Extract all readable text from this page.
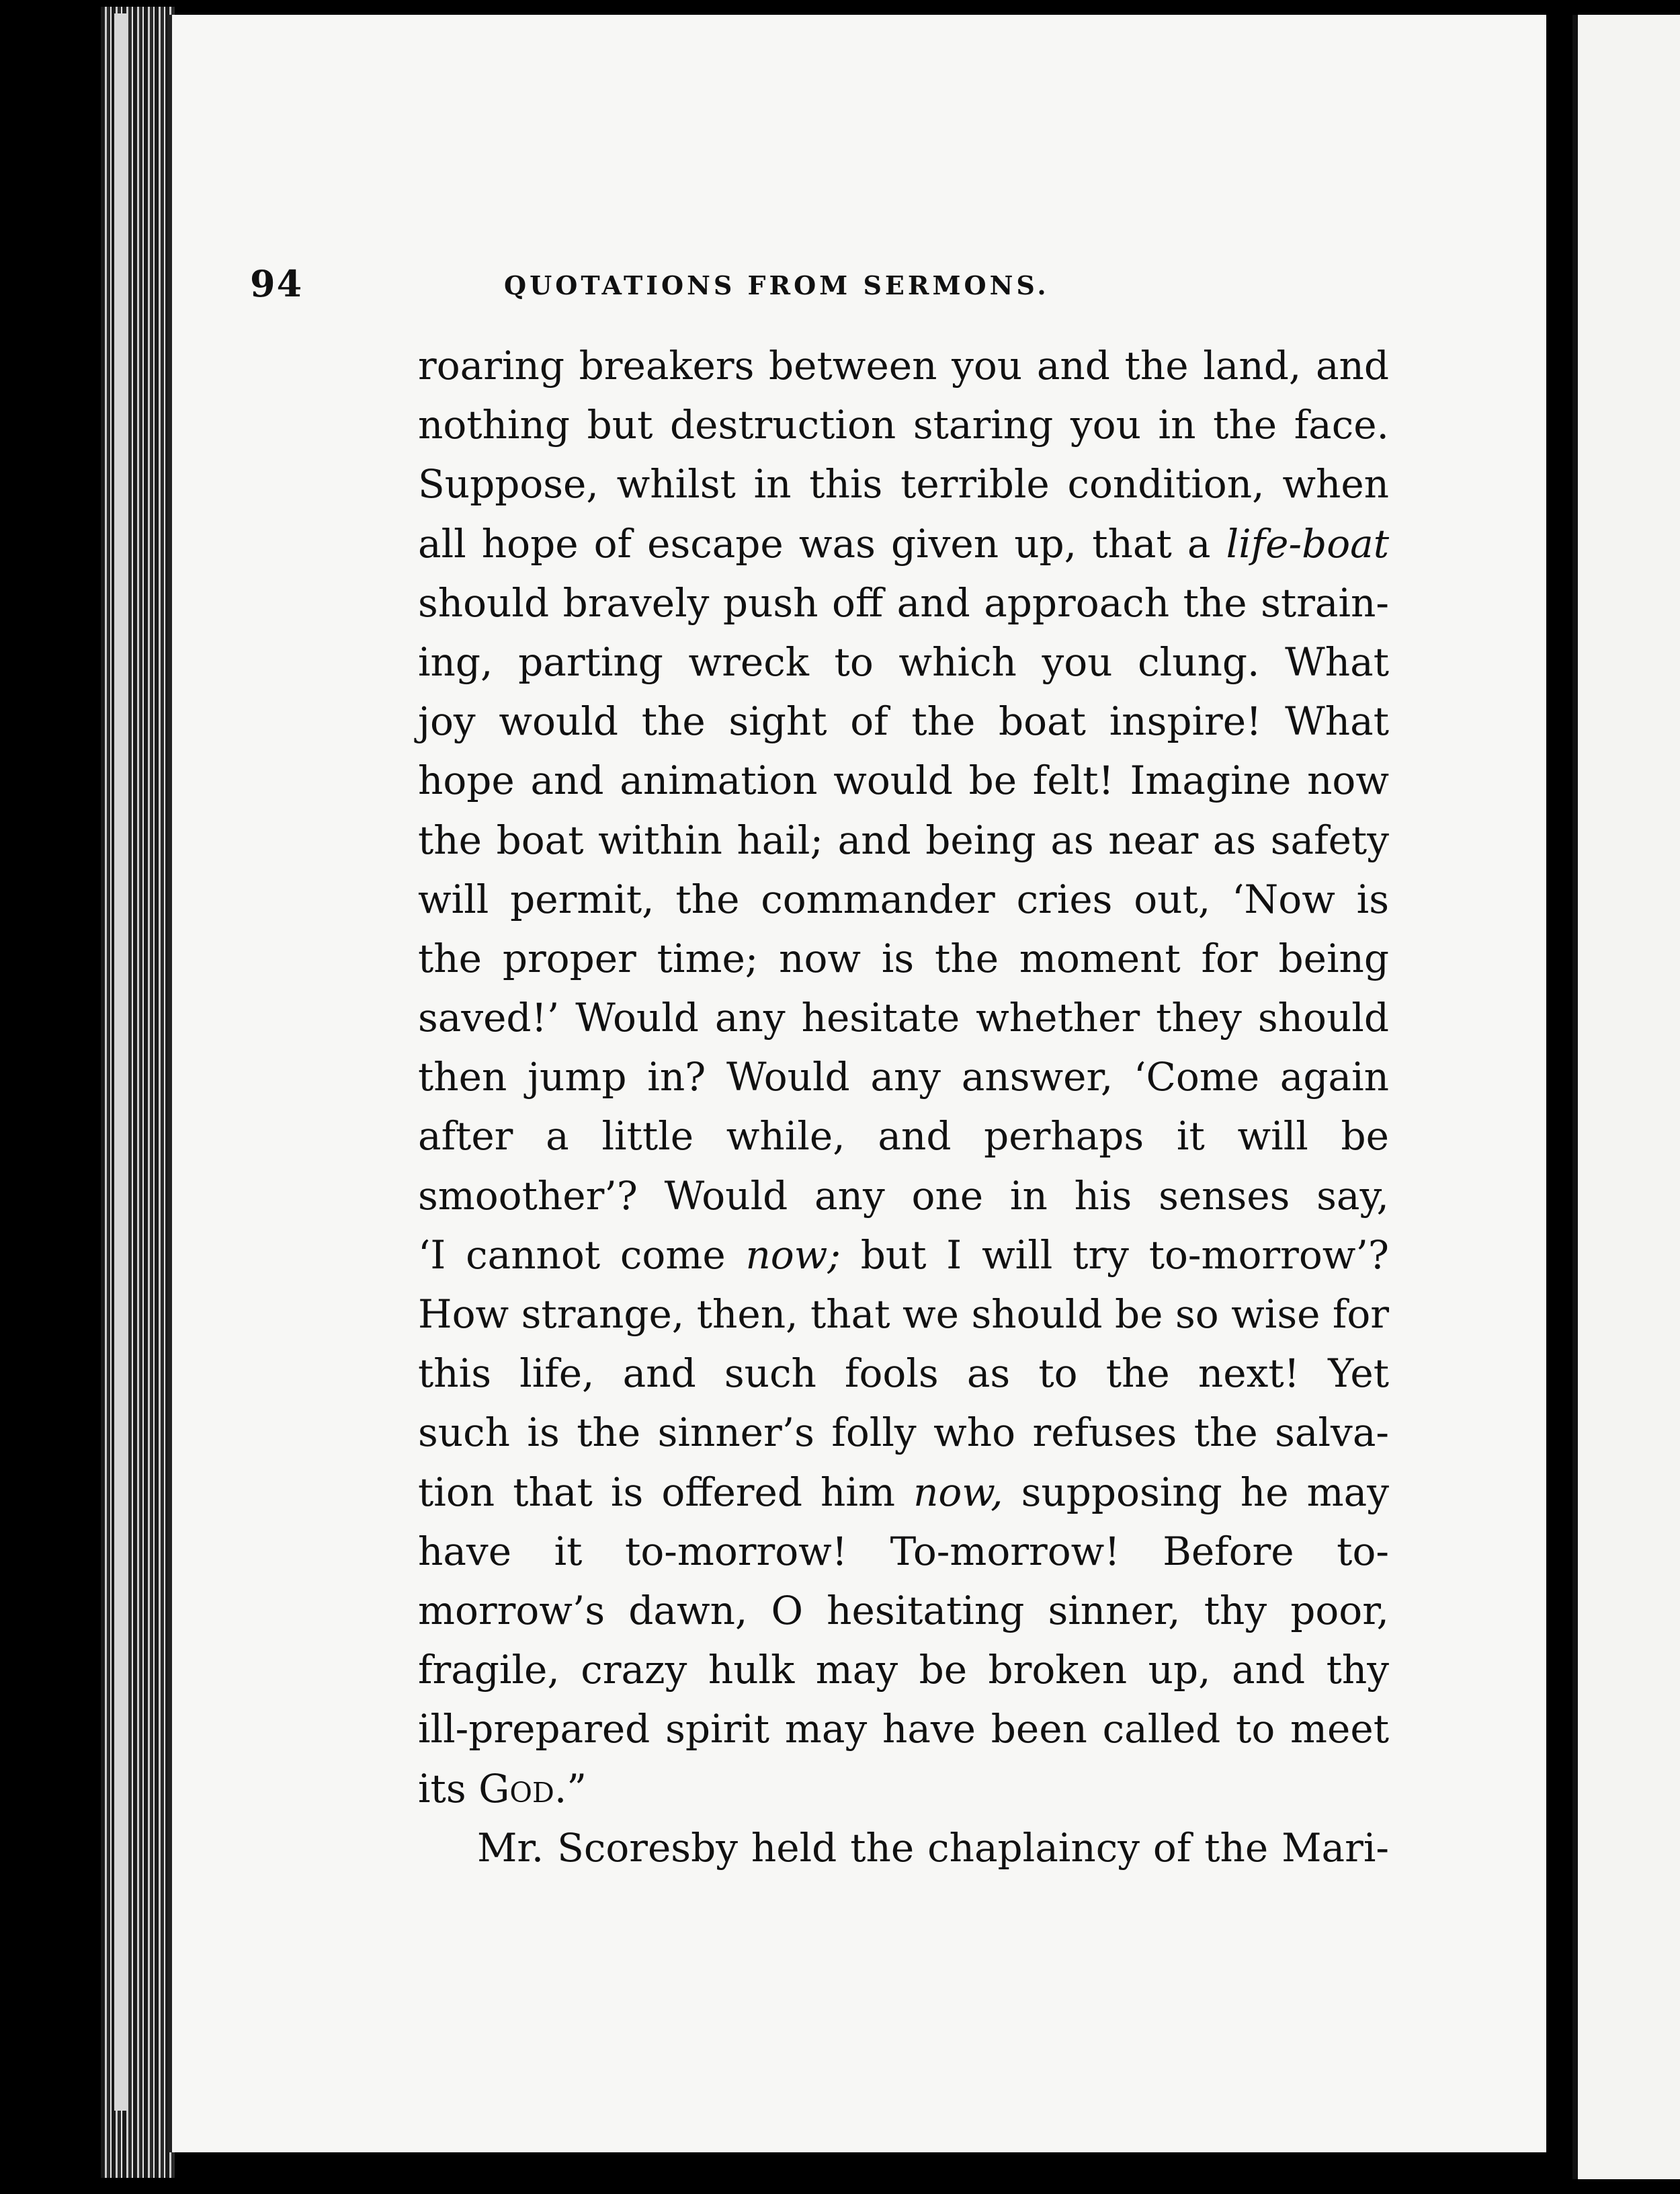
94	QUOTATIONS FROM SERMONS.
roaring breakers between you and the land, and
nothing but destruction staring you in the face.
Suppose, whilst in this terrible condition, when
all hope of escape was given up, that a life-boat
should bravely push off and approach the strain-
ing, parting wreck to which you clung. What
joy would the sight of the boat inspire! What
hope and animation would be felt! Imagine now
the boat within hail; and being as near as safety
will permit, the commander cries out, ‘Now is
the proper time; now is the moment for being
saved!’ Would any hesitate whether they should
then jump in? Would any answer, ‘Come again
after a little while, and perhaps it will be
smoother’? Would any one in his senses say,
‘I cannot come now; but I will try to-morrow’?
How strange, then, that we should be so wise for
this life, and such fools as to the next! Yet
such is the sinner’s folly who refuses the salva-
tion that is offered him now, supposing he may
have it to-morrow! To-morrow! Before to-
morrow’s dawn, O hesitating sinner, thy poor,
fragile, crazy hulk may be broken up, and thy
ill-prepared spirit may have been called to meet
its God.”
Mr. Scoresby held the chaplaincy of the Mari-
